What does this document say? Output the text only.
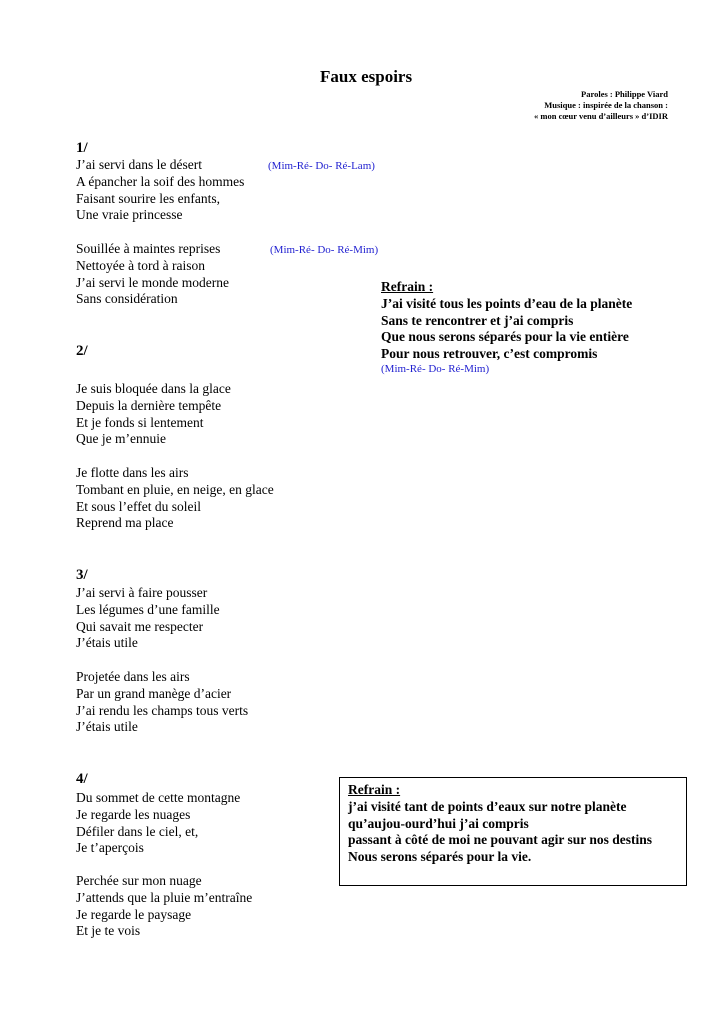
Faux espoirs
Paroles : Philippe Viard
Musique : inspirée de la chanson :
« mon cœur venu d’ailleurs » d’IDIR
1/
J’ai servi dans le désert
A épancher la soif des hommes
Faisant sourire les enfants,
Une vraie princesse
(Mim-Ré- Do- Ré-Lam)
Souillée à maintes reprises
Nettoyée à tord à raison
J’ai servi le monde moderne
Sans considération
(Mim-Ré- Do- Ré-Mim)
Refrain :
J’ai visité tous les points d’eau de la planète
Sans te rencontrer et j’ai compris
Que nous serons séparés pour la vie entière
Pour nous retrouver, c’est compromis
(Mim-Ré- Do- Ré-Mim)
2/
Je suis bloquée dans la glace
Depuis la dernière tempête
Et je fonds si lentement
Que je m’ennuie
Je flotte dans les airs
Tombant en pluie, en neige, en glace
Et sous l’effet du soleil
Reprend ma place
3/
J’ai servi à faire pousser
Les légumes d’une famille
Qui savait me respecter
J’étais utile
Projetée dans les airs
Par un grand manège d’acier
J’ai rendu les champs tous verts
J’étais utile
4/
Du sommet de cette montagne
Je regarde les nuages
Défiler dans le ciel, et,
Je t’aperçois
Perchée sur mon nuage
J’attends que la pluie m’entraîne
Je regarde le paysage
Et je te vois
Refrain :
j’ai visité tant de points d’eaux sur notre planète
qu’aujou-ourd’hui j’ai compris
passant à côté de moi ne pouvant agir sur nos destins
Nous serons séparés pour la vie.
